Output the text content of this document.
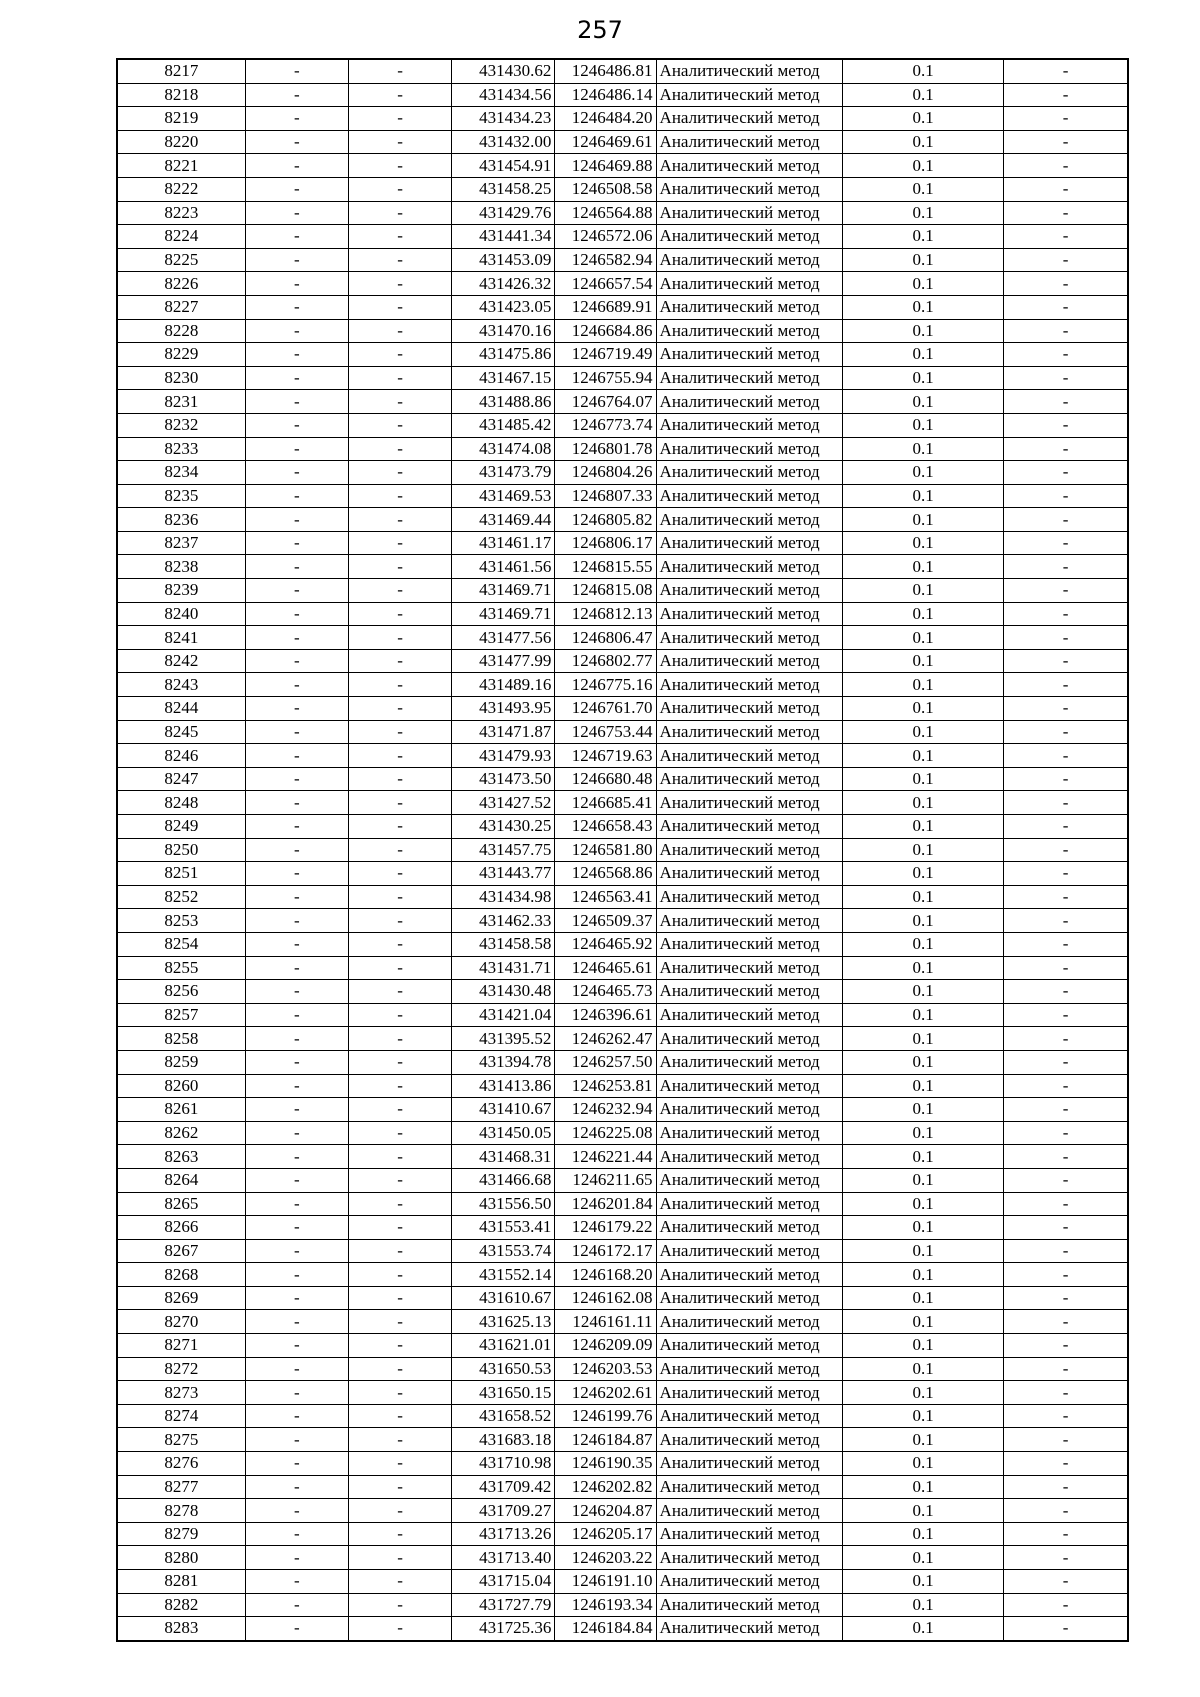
257
8217	-	-	431430.62	1246486.81	Аналитический метод	0.1	-
8218	-	-	431434.56	1246486.14	Аналитический метод	0.1	-
8219	-	-	431434.23	1246484.20	Аналитический метод	0.1	-
8220	-	-	431432.00	1246469.61	Аналитический метод	0.1	-
8221	-	-	431454.91	1246469.88	Аналитический метод	0.1	-
8222	-	-	431458.25	1246508.58	Аналитический метод	0.1	-
8223	-	-	431429.76	1246564.88	Аналитический метод	0.1	-
8224	-	-	431441.34	1246572.06	Аналитический метод	0.1	-
8225	-	-	431453.09	1246582.94	Аналитический метод	0.1	-
8226	-	-	431426.32	1246657.54	Аналитический метод	0.1	-
8227	-	-	431423.05	1246689.91	Аналитический метод	0.1	-
8228	-	-	431470.16	1246684.86	Аналитический метод	0.1	-
8229	-	-	431475.86	1246719.49	Аналитический метод	0.1	-
8230	-	-	431467.15	1246755.94	Аналитический метод	0.1	-
8231	-	-	431488.86	1246764.07	Аналитический метод	0.1	-
8232	-	-	431485.42	1246773.74	Аналитический метод	0.1	-
8233	-	-	431474.08	1246801.78	Аналитический метод	0.1	-
8234	-	-	431473.79	1246804.26	Аналитический метод	0.1	-
8235	-	-	431469.53	1246807.33	Аналитический метод	0.1	-
8236	-	-	431469.44	1246805.82	Аналитический метод	0.1	-
8237	-	-	431461.17	1246806.17	Аналитический метод	0.1	-
8238	-	-	431461.56	1246815.55	Аналитический метод	0.1	-
8239	-	-	431469.71	1246815.08	Аналитический метод	0.1	-
8240	-	-	431469.71	1246812.13	Аналитический метод	0.1	-
8241	-	-	431477.56	1246806.47	Аналитический метод	0.1	-
8242	-	-	431477.99	1246802.77	Аналитический метод	0.1	-
8243	-	-	431489.16	1246775.16	Аналитический метод	0.1	-
8244	-	-	431493.95	1246761.70	Аналитический метод	0.1	-
8245	-	-	431471.87	1246753.44	Аналитический метод	0.1	-
8246	-	-	431479.93	1246719.63	Аналитический метод	0.1	-
8247	-	-	431473.50	1246680.48	Аналитический метод	0.1	-
8248	-	-	431427.52	1246685.41	Аналитический метод	0.1	-
8249	-	-	431430.25	1246658.43	Аналитический метод	0.1	-
8250	-	-	431457.75	1246581.80	Аналитический метод	0.1	-
8251	-	-	431443.77	1246568.86	Аналитический метод	0.1	-
8252	-	-	431434.98	1246563.41	Аналитический метод	0.1	-
8253	-	-	431462.33	1246509.37	Аналитический метод	0.1	-
8254	-	-	431458.58	1246465.92	Аналитический метод	0.1	-
8255	-	-	431431.71	1246465.61	Аналитический метод	0.1	-
8256	-	-	431430.48	1246465.73	Аналитический метод	0.1	-
8257	-	-	431421.04	1246396.61	Аналитический метод	0.1	-
8258	-	-	431395.52	1246262.47	Аналитический метод	0.1	-
8259	-	-	431394.78	1246257.50	Аналитический метод	0.1	-
8260	-	-	431413.86	1246253.81	Аналитический метод	0.1	-
8261	-	-	431410.67	1246232.94	Аналитический метод	0.1	-
8262	-	-	431450.05	1246225.08	Аналитический метод	0.1	-
8263	-	-	431468.31	1246221.44	Аналитический метод	0.1	-
8264	-	-	431466.68	1246211.65	Аналитический метод	0.1	-
8265	-	-	431556.50	1246201.84	Аналитический метод	0.1	-
8266	-	-	431553.41	1246179.22	Аналитический метод	0.1	-
8267	-	-	431553.74	1246172.17	Аналитический метод	0.1	-
8268	-	-	431552.14	1246168.20	Аналитический метод	0.1	-
8269	-	-	431610.67	1246162.08	Аналитический метод	0.1	-
8270	-	-	431625.13	1246161.11	Аналитический метод	0.1	-
8271	-	-	431621.01	1246209.09	Аналитический метод	0.1	-
8272	-	-	431650.53	1246203.53	Аналитический метод	0.1	-
8273	-	-	431650.15	1246202.61	Аналитический метод	0.1	-
8274	-	-	431658.52	1246199.76	Аналитический метод	0.1	-
8275	-	-	431683.18	1246184.87	Аналитический метод	0.1	-
8276	-	-	431710.98	1246190.35	Аналитический метод	0.1	-
8277	-	-	431709.42	1246202.82	Аналитический метод	0.1	-
8278	-	-	431709.27	1246204.87	Аналитический метод	0.1	-
8279	-	-	431713.26	1246205.17	Аналитический метод	0.1	-
8280	-	-	431713.40	1246203.22	Аналитический метод	0.1	-
8281	-	-	431715.04	1246191.10	Аналитический метод	0.1	-
8282	-	-	431727.79	1246193.34	Аналитический метод	0.1	-
8283	-	-	431725.36	1246184.84	Аналитический метод	0.1	-
